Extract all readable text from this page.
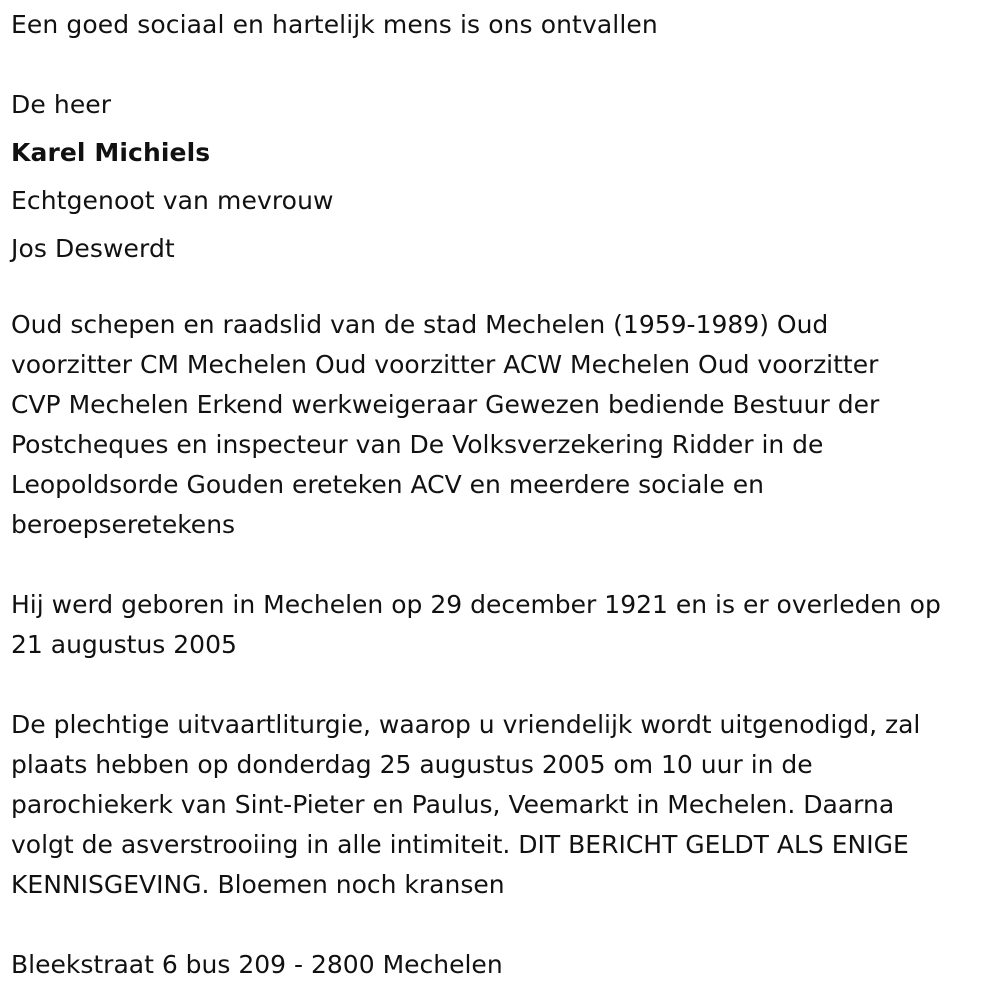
Een goed sociaal en hartelijk mens is ons ontvallen
De heer
Karel Michiels
Echtgenoot van mevrouw
Jos Deswerdt
Oud schepen en raadslid van de stad Mechelen (1959-1989) Oud
voorzitter CM Mechelen Oud voorzitter ACW Mechelen Oud voorzitter
CVP Mechelen Erkend werkweigeraar Gewezen bediende Bestuur der
Postcheques en inspecteur van De Volksverzekering Ridder in de
Leopoldsorde Gouden ereteken ACV en meerdere sociale en
beroepseretekens
Hij werd geboren in Mechelen op 29 december 1921 en is er overleden op
21 augustus 2005
De plechtige uitvaartliturgie, waarop u vriendelijk wordt uitgenodigd, zal
plaats hebben op donderdag 25 augustus 2005 om 10 uur in de
parochiekerk van Sint-Pieter en Paulus, Veemarkt in Mechelen. Daarna
volgt de asverstrooiing in alle intimiteit. DIT BERICHT GELDT ALS ENIGE
KENNISGEVING. Bloemen noch kransen
Bleekstraat 6 bus 209 - 2800 Mechelen
